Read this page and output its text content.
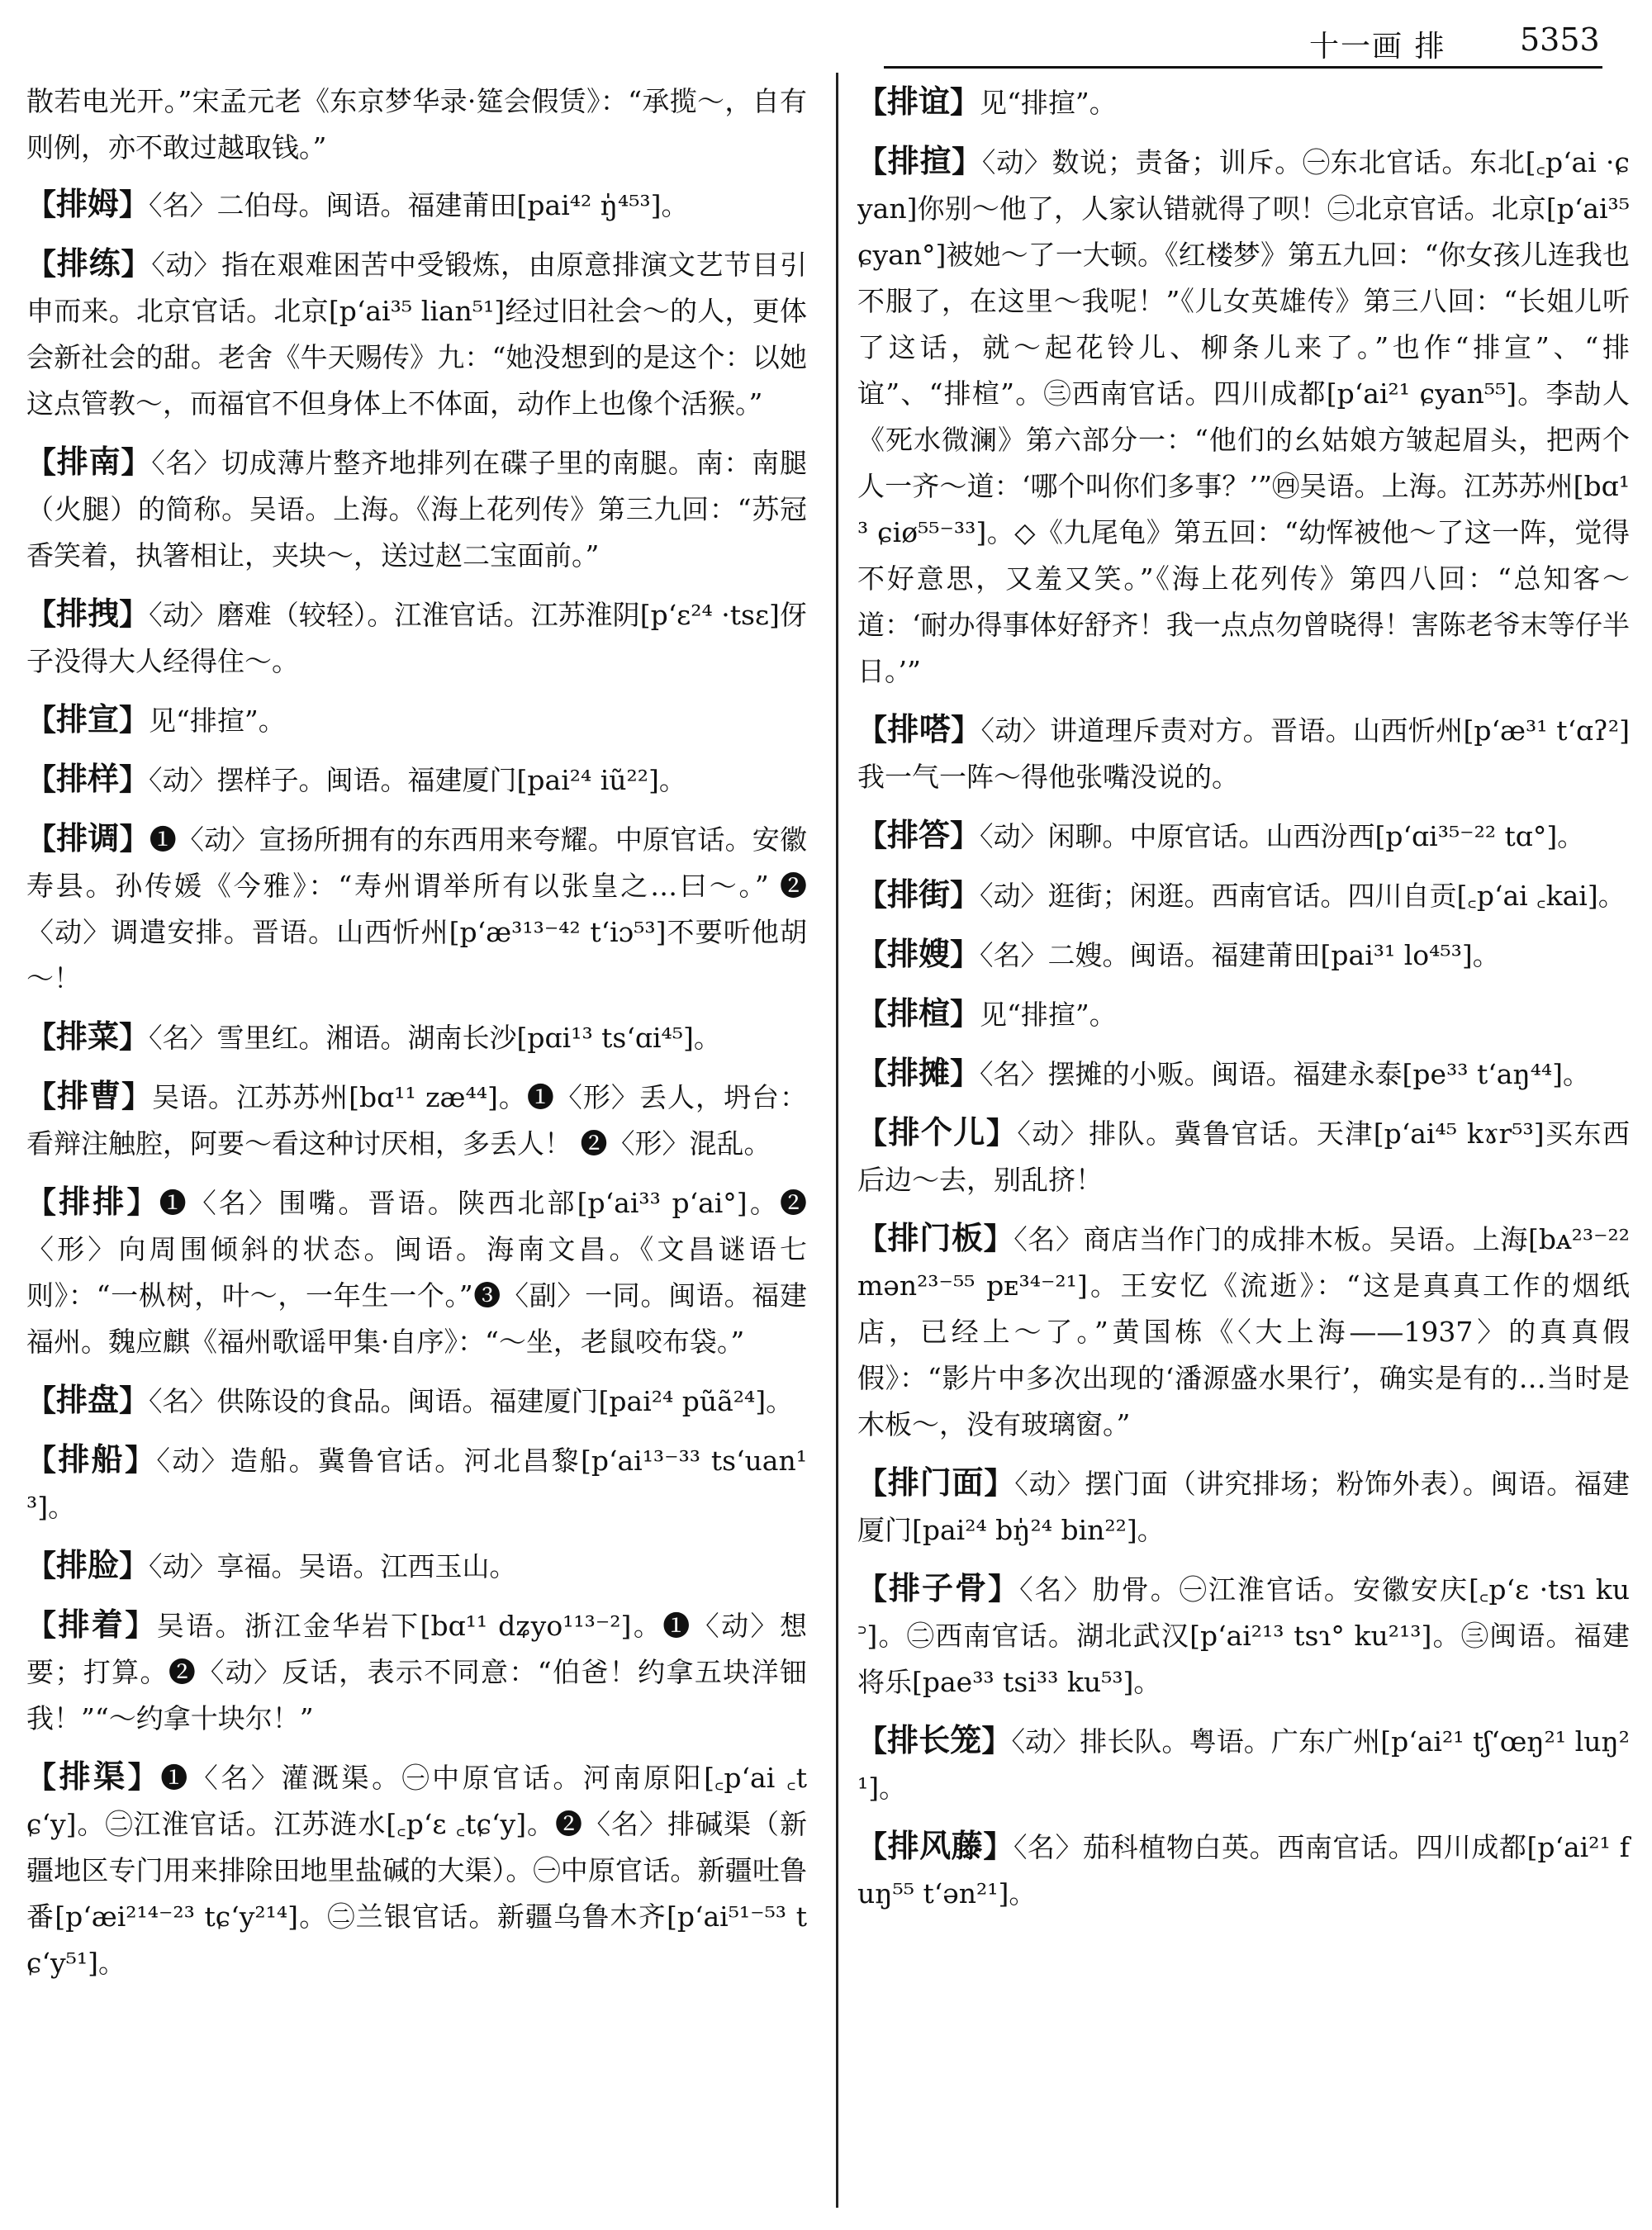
十一画 排 5353

散若电光开。”宋孟元老《东京梦华录·筵会假赁》：“承揽～，自有则例，亦不敢过越取钱。”

【排姆】〈名〉二伯母。闽语。福建莆田[pai⁴² ŋ̍⁴⁵³]。

【排练】〈动〉指在艰难困苦中受锻炼，由原意排演文艺节目引申而来。北京官话。北京[p‘ai³⁵ lian⁵¹]经过旧社会～的人，更体会新社会的甜。老舍《牛天赐传》九：“她没想到的是这个：以她这点管教～，而福官不但身体上不体面，动作上也像个活猴。”

【排南】〈名〉切成薄片整齐地排列在碟子里的南腿。南：南腿（火腿）的简称。吴语。上海。《海上花列传》第三九回：“苏冠香笑着，执箸相让，夹块～，送过赵二宝面前。”

【排拽】〈动〉磨难（较轻）。江淮官话。江苏淮阴[p‘ɛ²⁴ ·tsɛ]伢子没得大人经得住～。

【排宣】见“排揎”。

【排样】〈动〉摆样子。闽语。福建厦门[pai²⁴ iũ²²]。

【排调】❶〈动〉宣扬所拥有的东西用来夸耀。中原官话。安徽寿县。孙传媛《今雅》：“寿州谓举所有以张皇之…曰～。” ❷〈动〉调遣安排。晋语。山西忻州[p‘æ³¹³⁻⁴² t‘iɔ⁵³]不要听他胡～！

【排菜】〈名〉雪里红。湘语。湖南长沙[pɑi¹³ ts‘ɑi⁴⁵]。

【排曹】吴语。江苏苏州[bɑ¹¹ zæ⁴⁴]。❶〈形〉丢人，坍台：看辩注触腔，阿要～看这种讨厌相，多丢人！ ❷〈形〉混乱。

【排排】❶〈名〉围嘴。晋语。陕西北部[p‘ai³³ p‘ai°]。❷〈形〉向周围倾斜的状态。闽语。海南文昌。《文昌谜语七则》：“一枞树，叶～，一年生一个。”❸〈副〉一同。闽语。福建福州。魏应麒《福州歌谣甲集·自序》：“～坐，老鼠咬布袋。”

【排盘】〈名〉供陈设的食品。闽语。福建厦门[pai²⁴ pũã²⁴]。

【排船】〈动〉造船。冀鲁官话。河北昌黎[p‘ai¹³⁻³³ ts‘uan¹³]。

【排脸】〈动〉享福。吴语。江西玉山。

【排着】吴语。浙江金华岩下[bɑ¹¹ dʑyo¹¹³⁻²]。❶〈动〉想要；打算。❷〈动〉反话，表示不同意：“伯爸！约拿五块洋钿我！”“～约拿十块尔！”

【排渠】❶〈名〉灌溉渠。㊀中原官话。河南原阳[꜀p‘ai ꜀tɕ‘y]。㊁江淮官话。江苏涟水[꜀p‘ɛ ꜀tɕ‘y]。❷〈名〉排碱渠（新疆地区专门用来排除田地里盐碱的大渠）。㊀中原官话。新疆吐鲁番[p‘æi²¹⁴⁻²³ tɕ‘y²¹⁴]。㊁兰银官话。新疆乌鲁木齐[p‘ai⁵¹⁻⁵³ tɕ‘y⁵¹]。

【排谊】见“排揎”。

【排揎】〈动〉数说；责备；训斥。㊀东北官话。东北[꜀p‘ai ·ɕyan]你别～他了，人家认错就得了呗！㊁北京官话。北京[p‘ai³⁵ ɕyan°]被她～了一大顿。《红楼梦》第五九回：“你女孩儿连我也不服了，在这里～我呢！”《儿女英雄传》第三八回：“长姐儿听了这话，就～起花铃儿、柳条儿来了。”也作“排宣”、“排谊”、“排楦”。㊂西南官话。四川成都[p‘ai²¹ ɕyan⁵⁵]。李劼人《死水微澜》第六部分一：“他们的幺姑娘方皱起眉头，把两个人一齐～道：‘哪个叫你们多事？’”㊃吴语。上海。江苏苏州[bɑ¹³ ɕiø⁵⁵⁻³³]。◇《九尾龟》第五回：“幼恽被他～了这一阵，觉得不好意思，又羞又笑。”《海上花列传》第四八回：“总知客～道：‘耐办得事体好舒齐！我一点点勿曾晓得！害陈老爷末等仔半日。’”

【排嗒】〈动〉讲道理斥责对方。晋语。山西忻州[p‘æ³¹ t‘ɑʔ²]我一气一阵～得他张嘴没说的。

【排答】〈动〉闲聊。中原官话。山西汾西[p‘ɑi³⁵⁻²² tɑ°]。

【排街】〈动〉逛街；闲逛。西南官话。四川自贡[꜀p‘ai ꜀kai]。

【排嫂】〈名〉二嫂。闽语。福建莆田[pai³¹ lo⁴⁵³]。

【排楦】见“排揎”。

【排摊】〈名〉摆摊的小贩。闽语。福建永泰[pe³³ t‘aŋ⁴⁴]。

【排个儿】〈动〉排队。冀鲁官话。天津[p‘ai⁴⁵ kɤr⁵³]买东西后边～去，别乱挤！

【排门板】〈名〉商店当作门的成排木板。吴语。上海[bᴀ²³⁻²² mən²³⁻⁵⁵ pᴇ³⁴⁻²¹]。王安忆《流逝》：“这是真真工作的烟纸店，已经上～了。”黄国栋《〈大上海——1937〉的真真假假》：“影片中多次出现的‘潘源盛水果行’，确实是有的…当时是木板～，没有玻璃窗。”

【排门面】〈动〉摆门面（讲究排场；粉饰外表）。闽语。福建厦门[pai²⁴ bŋ̍²⁴ bin²²]。

【排子骨】〈名〉肋骨。㊀江淮官话。安徽安庆[꜀p‘ɛ ·tsɿ ku꜄]。㊁西南官话。湖北武汉[p‘ai²¹³ tsɿ° ku²¹³]。㊂闽语。福建将乐[pae³³ tsi³³ ku⁵³]。

【排长笼】〈动〉排长队。粤语。广东广州[p‘ai²¹ tʃ‘œŋ²¹ luŋ²¹]。

【排风藤】〈名〉茄科植物白英。西南官话。四川成都[p‘ai²¹ fuŋ⁵⁵ t‘ən²¹]。
